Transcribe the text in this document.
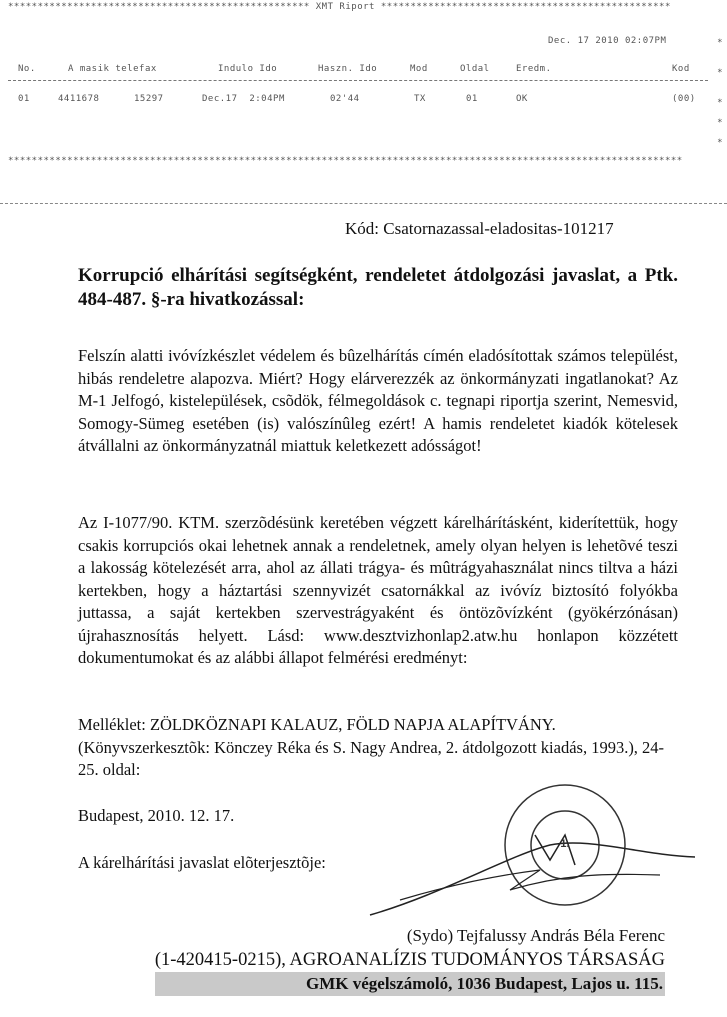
*************************************************** XMT Riport *************************************************
Dec. 17 2010 02:07PM
No.	A masik telefax	Indulo Ido	Haszn. Ido	Mod	Oldal	Eredm.	Kod
01	4411678	15297	Dec.17  2:04PM	02'44	TX	01	OK	(00)
******************************************************************************************************************
*
*
*
*
*
Kód: Csatornazassal-eladositas-101217
Korrupció elhárítási segítségként, rendeletet átdolgozási javaslat, a Ptk. 484-487. §-ra hivatkozással:
Felszín alatti ivóvízkészlet védelem és bûzelhárítás címén eladósítottak számos települést, hibás rendeletre alapozva. Miért? Hogy elárverezzék az önkormányzati ingatlanokat? Az M-1 Jelfogó, kistelepülések, csõdök, félmegoldások c. tegnapi riportja szerint, Nemesvid, Somogy-Sümeg esetében (is) valószínûleg ezért! A hamis rendeletet kiadók kötelesek átvállalni az önkormányzatnál miattuk keletkezett adósságot!
Az I-1077/90. KTM. szerzõdésünk keretében végzett kárelhárításként, kiderítettük, hogy csakis korrupciós okai lehetnek annak a rendeletnek, amely olyan helyen is lehetõvé teszi a lakosság kötelezését arra, ahol az állati trágya- és mûtrágyahasználat nincs tiltva a házi kertekben, hogy a háztartási szennyvizét csatornákkal az ivóvíz biztosító folyókba juttassa, a saját kertekben szervestrágyaként és öntözõvízként (gyökérzónásan) újrahasznosítás helyett. Lásd: www.desztvizhonlap2.atw.hu honlapon közzétett dokumentumokat és az alábbi állapot felmérési eredményt:
Melléklet: ZÖLDKÖZNAPI KALAUZ, FÖLD NAPJA ALAPÍTVÁNY. (Könyvszerkesztõk: Könczey Réka és S. Nagy Andrea, 2. átdolgozott kiadás, 1993.), 24-25. oldal:
Budapest, 2010. 12. 17.
A kárelhárítási javaslat elõterjesztõje:
1.
(Sydo) Tejfalussy András Béla Ferenc
(1-420415-0215), AGROANALÍZIS TUDOMÁNYOS TÁRSASÁG
GMK végelszámoló, 1036 Budapest, Lajos u. 115.
